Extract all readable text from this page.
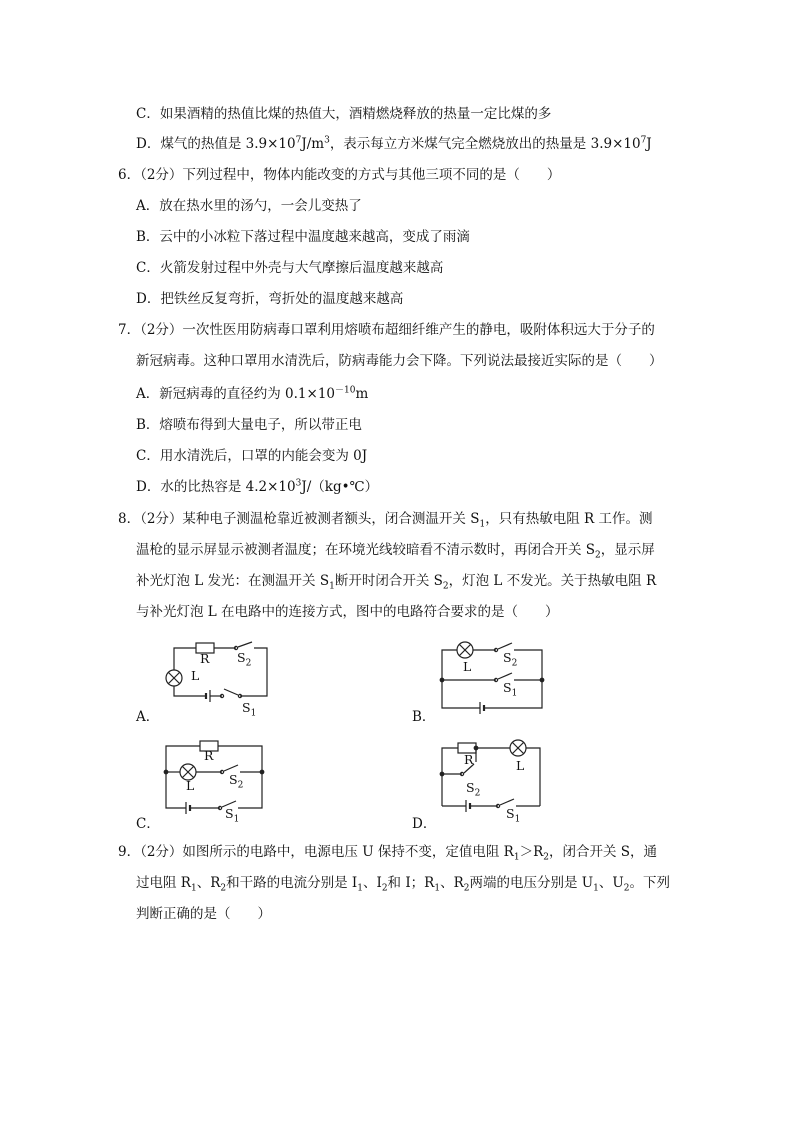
C．如果酒精的热值比煤的热值大，酒精燃烧释放的热量一定比煤的多
D．煤气的热值是 $3.9\times 10^7J/m^3$，表示每立方米煤气完全燃烧放出的热量是 $3.9\times 10^7J$
6．（2分）下列过程中，物体内能改变的方式与其他三项不同的是（　　）
A．放在热水里的汤勺，一会儿变热了
B．云中的小冰粒下落过程中温度越来越高，变成了雨滴
C．火箭发射过程中外壳与大气摩擦后温度越来越高
D．把铁丝反复弯折，弯折处的温度越来越高
7．（2分）一次性医用防病毒口罩利用熔喷布超细纤维产生的静电，吸附体积远大于分子的
新冠病毒。这种口罩用水清洗后，防病毒能力会下降。下列说法最接近实际的是（　　）
A．新冠病毒的直径约为 $0.1\times 10^{-10}m$
B．熔喷布得到大量电子，所以带正电
C．用水清洗后，口罩的内能会变为 0J
D．水的比热容是 $4.2\times 10^3J/(kg•℃)$
8．（2分）某种电子测温枪靠近被测者额头，闭合测温开关 $S_1$，只有热敏电阻 R 工作。测
温枪的显示屏显示被测者温度；在环境光线较暗看不清示数时，再闭合开关 $S_2$，显示屏
补光灯泡 L 发光：在测温开关 $S_1$断开时闭合开关 $S_2$，灯泡 L 不发光。关于热敏电阻 R
与补光灯泡 L 在电路中的连接方式，图中的电路符合要求的是（　　）
A．
R
L
$S_2$
$S_1$	B．
L
$S_2$
$S_1$
C．
R
L	$S_2$
$S_1$	D．
R	L
$S_2$
$S_1$
9．（2分）如图所示的电路中，电源电压 U 保持不变，定值电阻 $R_1>R_2$，闭合开关 S，通
过电阻 $R_1$、$R_2$和干路的电流分别是 $I_1$、$I_2$和 I；$R_1$、$R_2$两端的电压分别是 $U_1$、$U_2$。下列
判断正确的是（　　）
